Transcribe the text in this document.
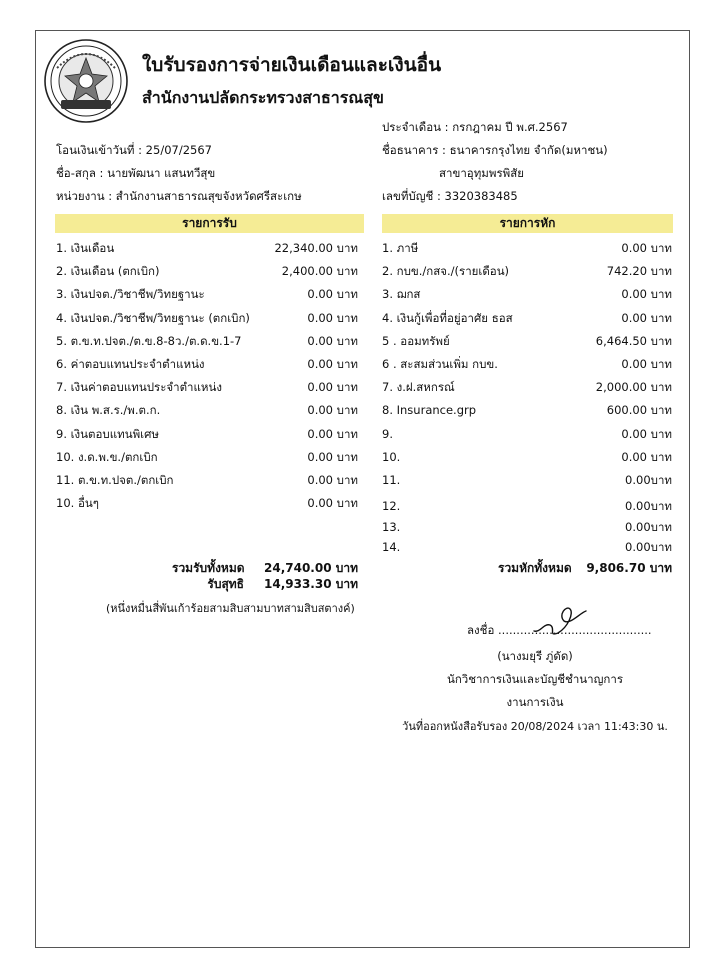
ใบรับรองการจ่ายเงินเดือนและเงินอื่น
สำนักงานปลัดกระทรวงสาธารณสุข
ประจำเดือน : กรกฎาคม ปี พ.ศ.2567
โอนเงินเข้าวันที่ : 25/07/2567	ชื่อธนาคาร : ธนาคารกรุงไทย จำกัด(มหาชน)
ชื่อ-สกุล : นายพัฒนา แสนทวีสุข	สาขาอุทุมพรพิสัย
หน่วยงาน : สำนักงานสาธารณสุขจังหวัดศรีสะเกษ	เลขที่บัญชี : 3320383485
รายการรับ	รายการหัก
1. เงินเดือน	22,340.00 บาท
2. เงินเดือน (ตกเบิก)	2,400.00 บาท
3. เงินปจต./วิชาชีพ/วิทยฐานะ	0.00 บาท
4. เงินปจต./วิชาชีพ/วิทยฐานะ (ตกเบิก)	0.00 บาท
5. ต.ข.ท.ปจต./ต.ข.8-8ว./ต.ด.ข.1-7	0.00 บาท
6. ค่าตอบแทนประจำตำแหน่ง	0.00 บาท
7. เงินค่าตอบแทนประจำตำแหน่ง	0.00 บาท
8. เงิน พ.ส.ร./พ.ต.ก.	0.00 บาท
9. เงินตอบแทนพิเศษ	0.00 บาท
10. ง.ด.พ.ข./ตกเบิก	0.00 บาท
11. ต.ข.ท.ปจต./ตกเบิก	0.00 บาท
10. อื่นๆ	0.00 บาท
1. ภาษี	0.00 บาท
2. กบข./กสจ./(รายเดือน)	742.20 บาท
3. ฌกส	0.00 บาท
4. เงินกู้เพื่อที่อยู่อาศัย ธอส	0.00 บาท
5 . ออมทรัพย์	6,464.50 บาท
6 . สะสมส่วนเพิ่ม กบข.	0.00 บาท
7. ง.ฝ.สหกรณ์	2,000.00 บาท
8. Insurance.grp	600.00 บาท
9.	0.00 บาท
10.	0.00 บาท
11.	0.00บาท
12.	0.00บาท
13.	0.00บาท
14.	0.00บาท
รวมรับทั้งหมด 24,740.00 บาท
รับสุทธิ 14,933.30 บาท
(หนึ่งหมื่นสี่พันเก้าร้อยสามสิบสามบาทสามสิบสตางค์)
รวมหักทั้งหมด	9,806.70 บาท
ลงชื่อ ..........................................
(นางมยุรี ภู่ดัด)
นักวิชาการเงินและบัญชีชำนาญการ
งานการเงิน
วันที่ออกหนังสือรับรอง 20/08/2024 เวลา 11:43:30 น.
